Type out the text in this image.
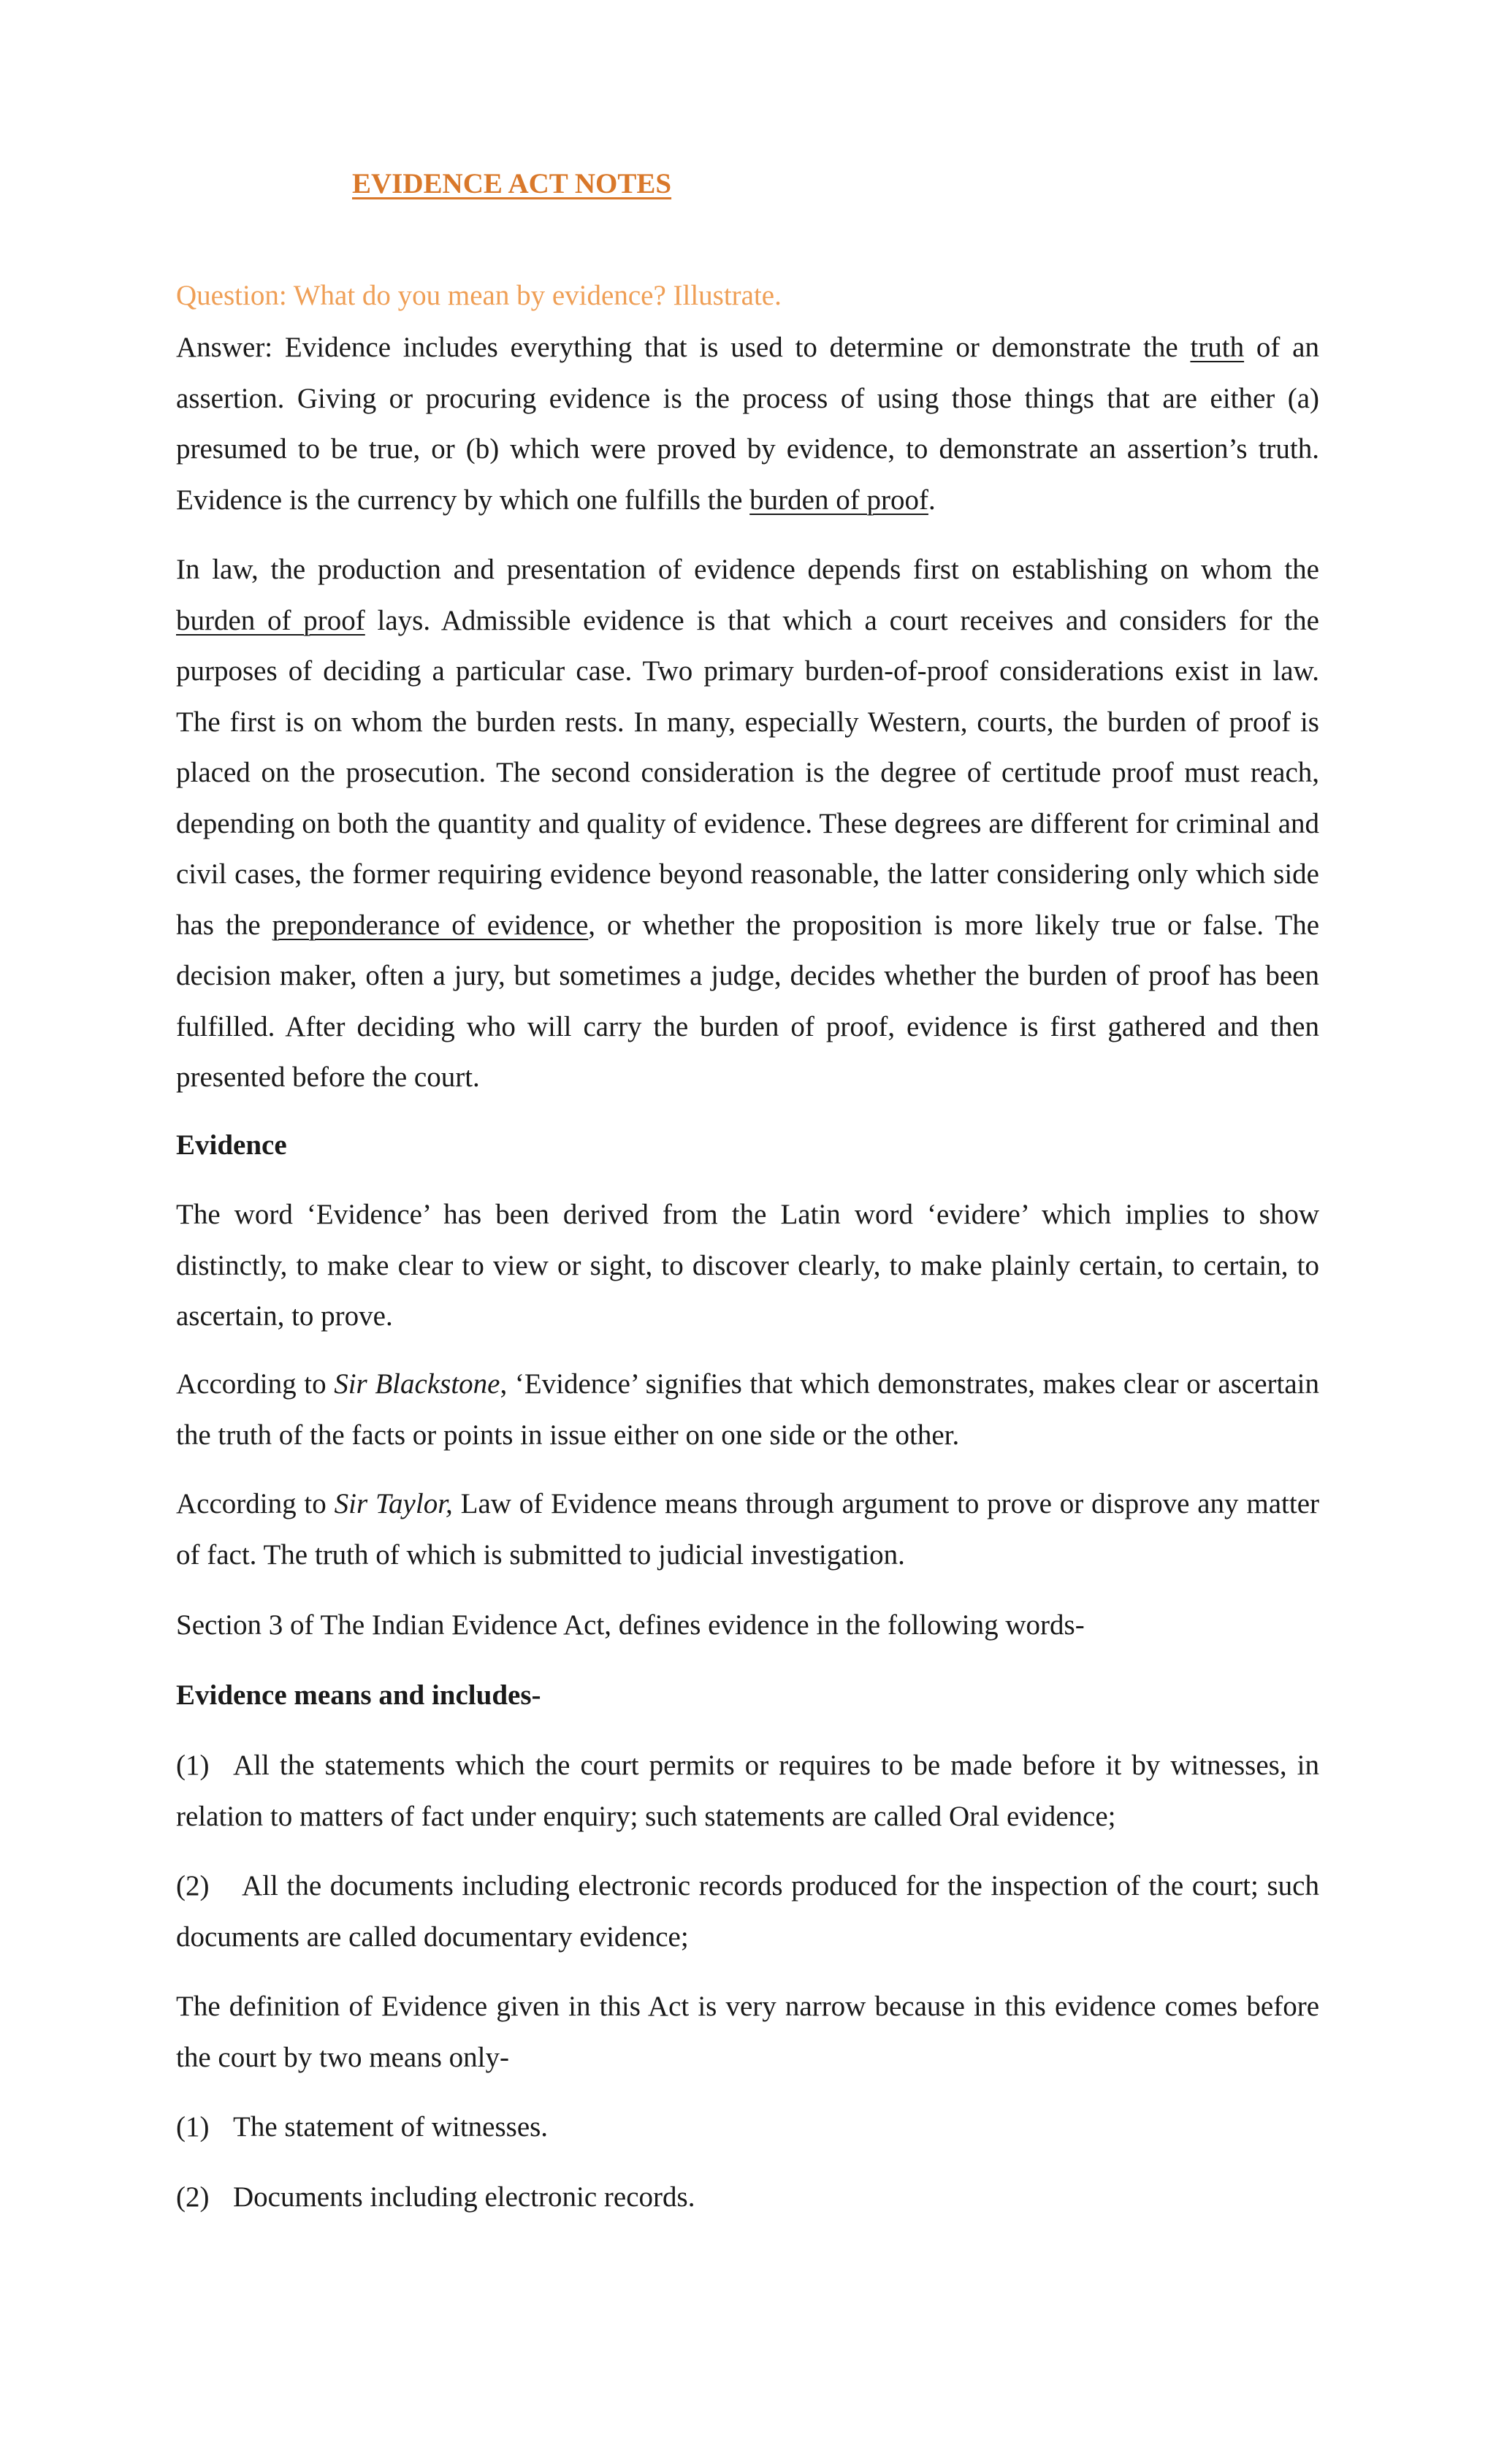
EVIDENCE ACT NOTES

Question: What do you mean by evidence? Illustrate.

Answer: Evidence includes everything that is used to determine or demonstrate the truth of an assertion. Giving or procuring evidence is the process of using those things that are either (a) presumed to be true, or (b) which were proved by evidence, to demonstrate an assertion’s truth. Evidence is the currency by which one fulfills the burden of proof.

In law, the production and presentation of evidence depends first on establishing on whom the burden of proof lays. Admissible evidence is that which a court receives and considers for the purposes of deciding a particular case. Two primary burden-of-proof considerations exist in law. The first is on whom the burden rests. In many, especially Western, courts, the burden of proof is placed on the prosecution. The second consideration is the degree of certitude proof must reach, depending on both the quantity and quality of evidence. These degrees are different for criminal and civil cases, the former requiring evidence beyond reasonable, the latter considering only which side has the preponderance of evidence, or whether the proposition is more likely true or false. The decision maker, often a jury, but sometimes a judge, decides whether the burden of proof has been fulfilled. After deciding who will carry the burden of proof, evidence is first gathered and then presented before the court.

Evidence

The word ‘Evidence’ has been derived from the Latin word ‘evidere’ which implies to show distinctly, to make clear to view or sight, to discover clearly, to make plainly certain, to certain, to ascertain, to prove.

According to Sir Blackstone, ‘Evidence’ signifies that which demonstrates, makes clear or ascertain the truth of the facts or points in issue either on one side or the other.

According to Sir Taylor, Law of Evidence means through argument to prove or disprove any matter of fact. The truth of which is submitted to judicial investigation.

Section 3 of The Indian Evidence Act, defines evidence in the following words-

Evidence means and includes-

(1) All the statements which the court permits or requires to be made before it by witnesses, in relation to matters of fact under enquiry; such statements are called Oral evidence;

(2) All the documents including electronic records produced for the inspection of the court; such documents are called documentary evidence;

The definition of Evidence given in this Act is very narrow because in this evidence comes before the court by two means only-

(1) The statement of witnesses.

(2) Documents including electronic records.
